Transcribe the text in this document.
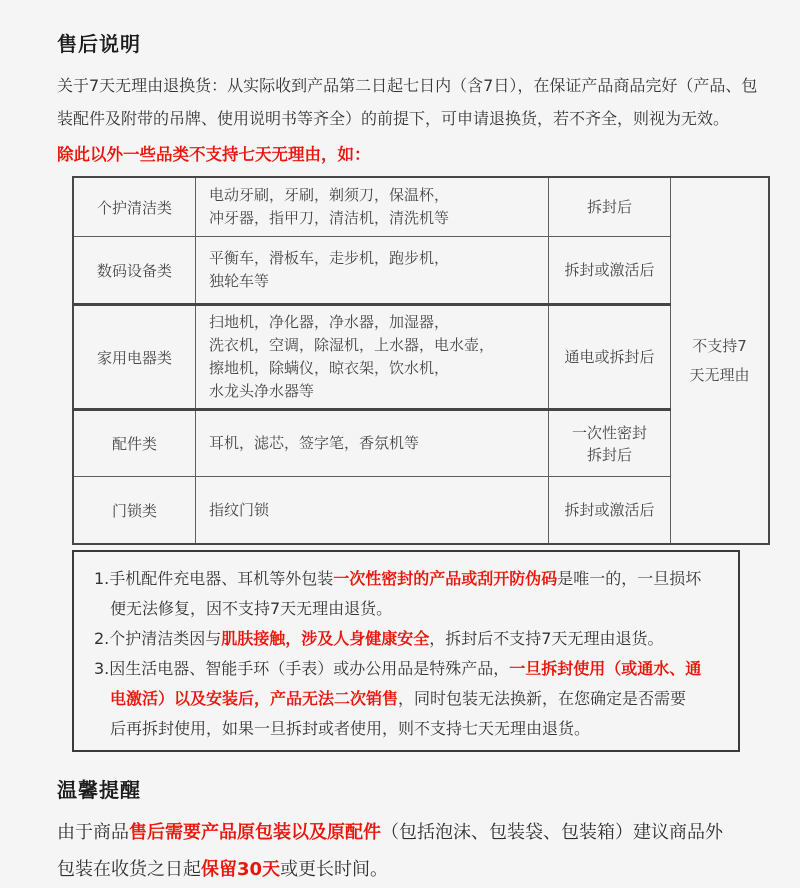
售后说明

关于7天无理由退换货：从实际收到产品第二日起七日内（含7日），在保证产品商品完好（产品、包装配件及附带的吊牌、使用说明书等齐全）的前提下，可申请退换货，若不齐全，则视为无效。

除此以外一些品类不支持七天无理由，如：

个护清洁类	电动牙刷，牙刷，剃须刀，保温杯，
冲牙器，指甲刀，清洁机，清洗机等	拆封后	不支持7
天无理由

数码设备类	平衡车，滑板车，走步机，跑步机，
独轮车等	拆封或激活后	

家用电器类	扫地机，净化器，净水器，加湿器，
洗衣机，空调，除湿机，上水器，电水壶，
擦地机，除螨仪，晾衣架，饮水机，
水龙头净水器等	通电或拆封后	

配件类	耳机，滤芯，签字笔，香氛机等	一次性密封
拆封后	

门锁类	指纹门锁	拆封或激活后	

1.手机配件充电器、耳机等外包装一次性密封的产品或刮开防伪码是唯一的，一旦损坏便无法修复，因不支持7天无理由退货。

2.个护清洁类因与肌肤接触，涉及人身健康安全，拆封后不支持7天无理由退货。

3.因生活电器、智能手环（手表）或办公用品是特殊产品，一旦拆封使用（或通水、通电激活）以及安装后，产品无法二次销售，同时包装无法换新，在您确定是否需要后再拆封使用，如果一旦拆封或者使用，则不支持七天无理由退货。

温馨提醒

由于商品售后需要产品原包装以及原配件（包括泡沫、包装袋、包装箱）建议商品外包装在收货之日起保留30天或更长时间。
